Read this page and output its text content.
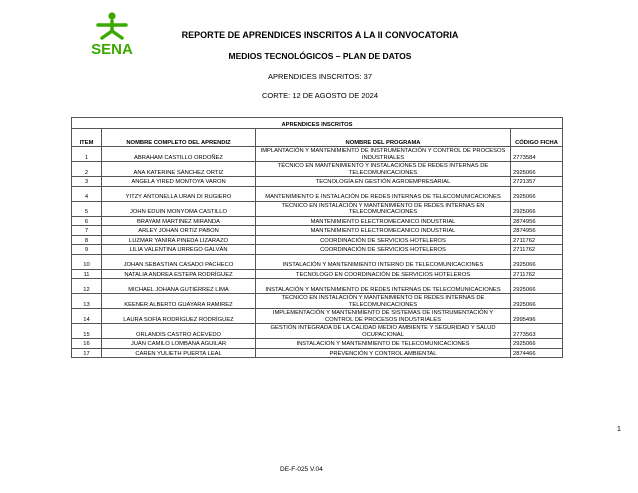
SENA
REPORTE DE APRENDICES INSCRITOS A LA II CONVOCATORIA
MEDIOS TECNOLÓGICOS – PLAN DE DATOS
APRENDICES INSCRITOS: 37
CORTE: 12 DE AGOSTO DE 2024
APRENDICES INSCRITOS			
ITEM	NOMBRE COMPLETO DEL APRENDIZ	NOMBRE DEL PROGRAMA	CÓDIGO FICHA
1	ABRAHAM CASTILLO ORDOÑEZ	IMPLANTACIÓN Y MANTENIMIENTO DE INSTRUMENTACIÓN Y CONTROL DE PROCESOS INDUSTRIALES	2773584
2	ANA KATERINE SÁNCHEZ ORTIZ	TÉCNICO EN MANTENIMIENTO Y INSTALACIONES DE REDES INTERNAS DE TELECOMUNICACIONES	2925066
3	ANGELA YIRED MONTOYA VARON	TECNOLOGÍA EN GESTIÓN AGROEMPRESARIAL	2721357
4	YITZY ANTONELLA URAN DI RUGIERO	MANTENIMIENTO E INSTALACIÓN DE REDES INTERNAS DE TELECOMUNICACIONES	2925066
5	JOHN EDUIN MONYOMA CASTILLO	TECNICO EN INSTALACIÓN Y MANTENIMIENTO DE REDES INTERNAS EN TELECOMUNICACIONES	2925066
6	BRAYAM MARTINEZ MIRANDA	MANTENIMIENTO ELECTROMECANICO INDUSTRIAL	2874956
7	ARLEY JOHAN ORTIZ PABON	MANTENIMIENTO ELECTROMECANICO INDUSTRIAL	2874956
8	LUZMAR YANIRA PINEDA LIZARAZO	COORDINACIÓN DE SERVICIOS HOTELEROS	2711762
9	LILIA VALENTINA URREGO GALVÁN	COORDINACIÓN DE SERVICIOS HOTELEROS	2711762
10	JOHAN SEBASTIAN CASADO PACHECO	INSTALACIÓN Y MANTENIMIENTO INTERNO DE TELECOMUNICACIONES	2925066
11	NATALIA ANDREA ESTEPA RODRÍGUEZ	TECNOLOGO EN COORDINACIÓN DE SERVICIOS HOTELEROS	2711762
12	MICHAEL JOHANA GUTIÉRREZ LIMA	INSTALACIÓN Y MANTENIMIENTO DE REDES INTERNAS DE TELECOMUNICACIONES	2925066
13	KEENER ALBERTO GUAYARA RAMIREZ	TECNICO EN INSTALACIÓN Y MANTENIMIENTO DE REDES INTERNAS DE TELECOMUNICACIONES	2925066
14	LAURA SOFÍA RODRÍGUEZ RODRÍGUEZ	IMPLEMENTACIÓN Y MANTENIMIENTO DE SISTEMAS DE INSTRUMENTACIÓN Y CONTROL DE PROCESOS INDUSTRIALES	2995496
15	ORLANDIS CASTRO ACEVEDO	GESTIÓN INTEGRADA DE LA CALIDAD MEDIO AMBIENTE Y SEGURIDAD Y SALUD OCUPACIONAL	2773563
16	JUAN CAMILO LOMBANA AGUILAR	INSTALACION Y MANTENIMIENTO DE TELECOMUNICACIONES	2925066
17	CAREN YULIETH PUERTA LEAL	PREVENCIÓN Y CONTROL AMBIENTAL	2874466
1
DE-F-025 V.04
